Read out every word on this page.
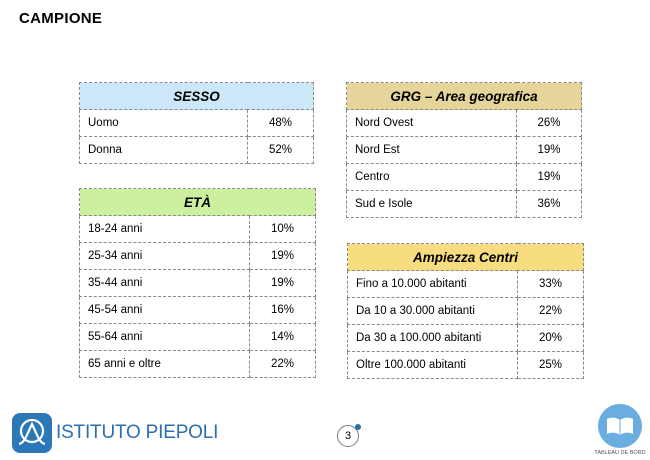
CAMPIONE
SESSO	
Uomo	48%
Donna	52%
ETÀ	
18-24 anni	10%
25-34 anni	19%
35-44 anni	19%
45-54 anni	16%
55-64 anni	14%
65 anni e oltre	22%
GRG – Area geografica	
Nord Ovest	26%
Nord Est	19%
Centro	19%
Sud e Isole	36%
Ampiezza Centri	
Fino a 10.000 abitanti	33%
Da 10 a 30.000 abitanti	22%
Da 30 a 100.000 abitanti	20%
Oltre 100.000 abitanti	25%
ISTITUTO PIEPOLI	3
TABLEAU DE BORD
